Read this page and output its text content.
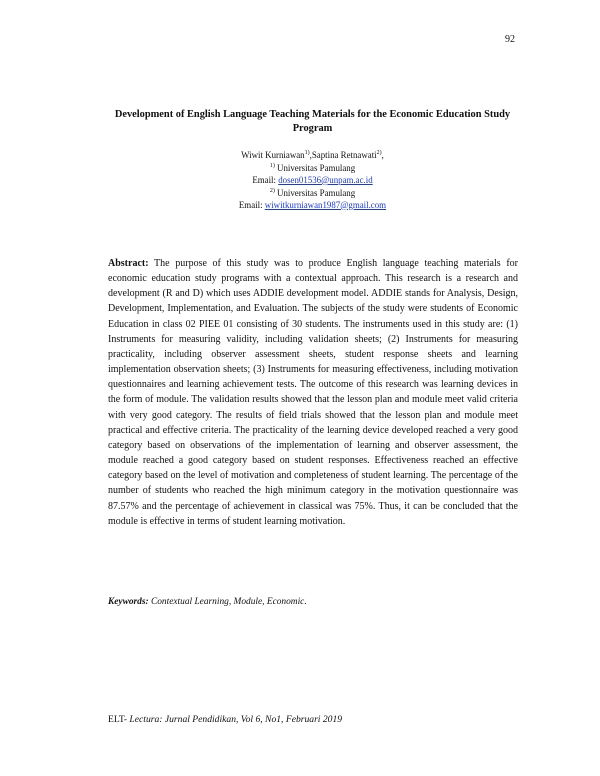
92
Development of English Language Teaching Materials for the Economic Education Study Program
Wiwit Kurniawan$^{1)}$,Saptina Retnawati$^{2)}$,
$^{1)}$ Universitas Pamulang
Email: dosen01536@unpam.ac.id
$^{2)}$ Universitas Pamulang
Email: wiwitkurniawan1987@gmail.com
Abstract: The purpose of this study was to produce English language teaching materials for economic education study programs with a contextual approach. This research is a research and development (R and D) which uses ADDIE development model. ADDIE stands for Analysis, Design, Development, Implementation, and Evaluation. The subjects of the study were students of Economic Education in class 02 PIEE 01 consisting of 30 students. The instruments used in this study are: (1) Instruments for measuring validity, including validation sheets; (2) Instruments for measuring practicality, including observer assessment sheets, student response sheets and learning implementation observation sheets; (3) Instruments for measuring effectiveness, including motivation questionnaires and learning achievement tests. The outcome of this research was learning devices in the form of module. The validation results showed that the lesson plan and module meet valid criteria with very good category. The results of field trials showed that the lesson plan and module meet practical and effective criteria. The practicality of the learning device developed reached a very good category based on observations of the implementation of learning and observer assessment, the module reached a good category based on student responses. Effectiveness reached an effective category based on the level of motivation and completeness of student learning. The percentage of the number of students who reached the high minimum category in the motivation questionnaire was 87.57% and the percentage of achievement in classical was 75%. Thus, it can be concluded that the module is effective in terms of student learning motivation.
Keywords: Contextual Learning, Module, Economic.
ELT- Lectura: Jurnal Pendidikan, Vol 6, No1, Februari 2019
